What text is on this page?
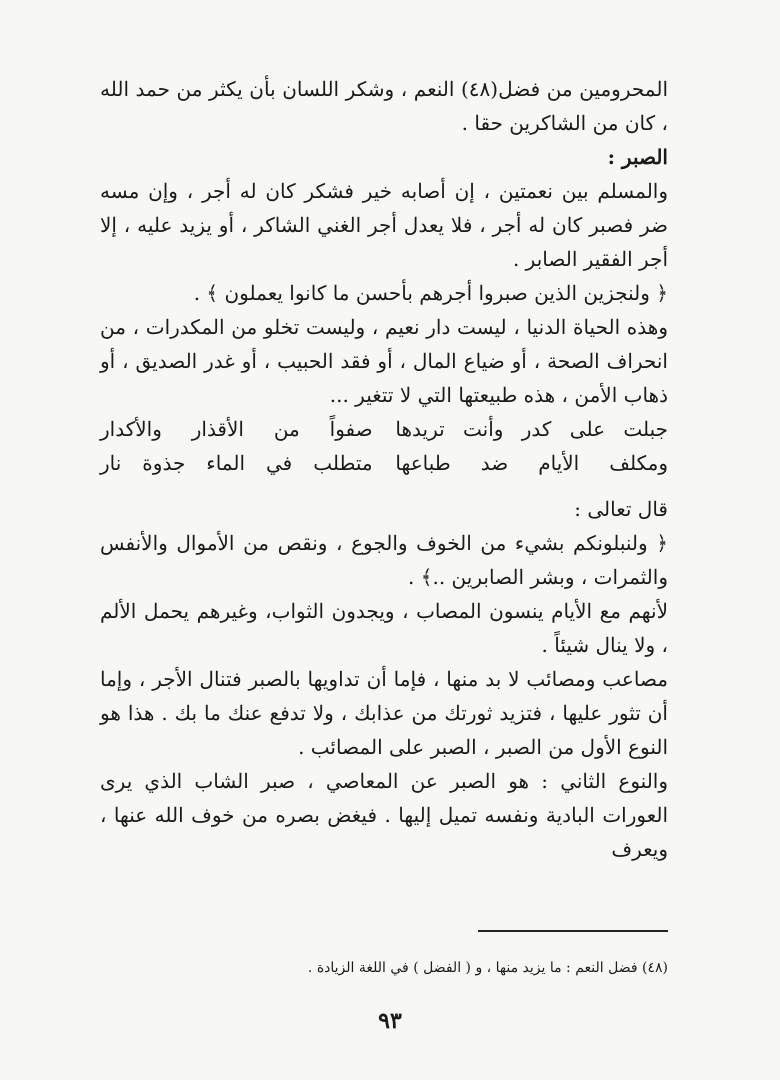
المحرومين من فضل(٤٨) النعم ، وشكر اللسان بأن يكثر من حمد الله ، كان من الشاكرين حقا .

الصبر :

والمسلم بين نعمتين ، إن أصابه خير فشكر كان له أجر ، وإن مسه ضر فصبر كان له أجر ، فلا يعدل أجر الغني الشاكر ، أو يزيد عليه ، إلا أجر الفقير الصابر .

﴿ ولنجزين الذين صبروا أجرهم بأحسن ما كانوا يعملون ﴾ .

وهذه الحياة الدنيا ، ليست دار نعيم ، وليست تخلو من المكدرات ، من انحراف الصحة ، أو ضياع المال ، أو فقد الحبيب ، أو غدر الصديق ، أو ذهاب الأمن ، هذه طبيعتها التي لا تتغير ...

جبلت على كدر وأنت تريدها
صفواً من الأقذار والأكدار
ومكلف الأيام ضد طباعها
متطلب في الماء جذوة نار

قال تعالى :

﴿ ولنبلونكم بشيء من الخوف والجوع ، ونقص من الأموال والأنفس والثمرات ، وبشر الصابرين ..﴾ .

لأنهم مع الأيام ينسون المصاب ، ويجدون الثواب، وغيرهم يحمل الألم ، ولا ينال شيئاً .

مصاعب ومصائب لا بد منها ، فإما أن تداويها بالصبر فتنال الأجر ، وإما أن تثور عليها ، فتزيد ثورتك من عذابك ، ولا تدفع عنك ما بك . هذا هو النوع الأول من الصبر ، الصبر على المصائب .

والنوع الثاني : هو الصبر عن المعاصي ، صبر الشاب الذي يرى العورات البادية ونفسه تميل إليها . فيغض بصره من خوف الله عنها ، ويعرف

(٤٨) فضل النعم : ما يزيد منها ، و ( الفضل ) في اللغة الزيادة .
٩٣
